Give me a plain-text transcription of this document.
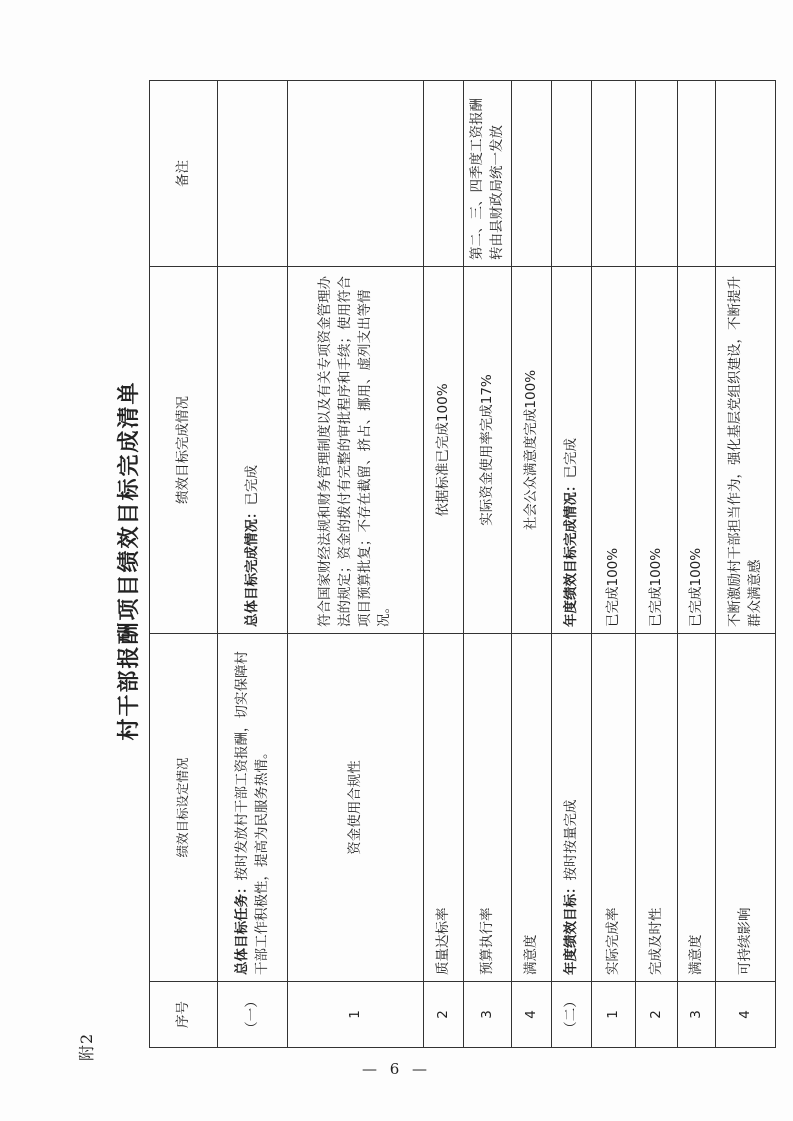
附2
村干部报酬项目绩效目标完成清单
序号	绩效目标设定情况	绩效目标完成情况	备注
（一）	总体目标任务：按时发放村干部工资报酬，切实保障村干部工作积极性，提高为民服务热情。	总体目标完成情况：已完成	
1	资金使用合规性	符合国家财经法规和财务管理制度以及有关专项资金管理办法的规定；资金的拨付有完整的审批程序和手续；使用符合项目预算批复；不存在截留、挤占、挪用、虚列支出等情况。	
2	质量达标率	依据标准已完成100%	
3	预算执行率	实际资金使用率完成17%	第二、三、四季度工资报酬转由县财政局统一发放
4	满意度	社会公众满意度完成100%	
（二）	年度绩效目标：按时按量完成	年度绩效目标完成情况：已完成	
1	实际完成率	已完成100%	
2	完成及时性	已完成100%	
3	满意度	已完成100%	
4	可持续影响	不断激励村干部担当作为，强化基层党组织建设，不断提升群众满意感	
— 6 —
